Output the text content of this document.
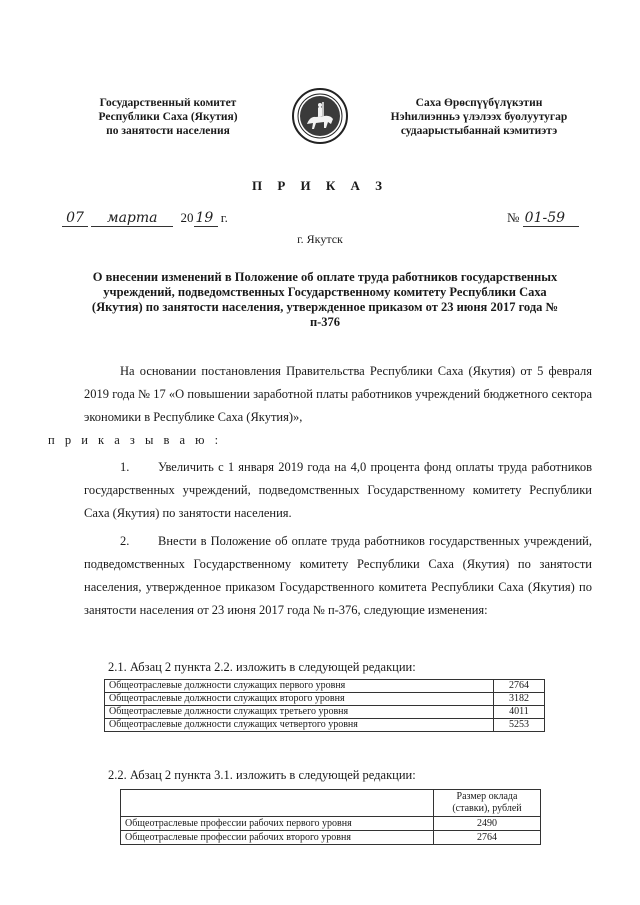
Государственный комитет
Республики Саха (Якутия)
по занятости населения
Саха Өрөспүүбүлүкэтин
Нэһилиэнньэ үлэлээх буолуутугар
судаарыстыбаннай кэмитиэтэ
П Р И К А З
07 марта 20 19 г.	№ 01-59
г. Якутск
О внесении изменений в Положение об оплате труда работников государственных учреждений, подведомственных Государственному комитету Республики Саха (Якутия) по занятости населения, утвержденное приказом от 23 июня 2017 года № п-376
На основании постановления Правительства Республики Саха (Якутия) от 5 февраля 2019 года № 17 «О повышении заработной платы работников учреждений бюджетного сектора экономики в Республике Саха (Якутия)»,
п р и к а з ы в а ю :
1. Увеличить с 1 января 2019 года на 4,0 процента фонд оплаты труда работников государственных учреждений, подведомственных Государственному комитету Республики Саха (Якутия) по занятости населения.
2. Внести в Положение об оплате труда работников государственных учреждений, подведомственных Государственному комитету Республики Саха (Якутия) по занятости населения, утвержденное приказом Государственного комитета Республики Саха (Якутия) по занятости населения от 23 июня 2017 года № п-376, следующие изменения:
2.1. Абзац 2 пункта 2.2. изложить в следующей редакции:
Общеотраслевые должности служащих первого уровня	2764
Общеотраслевые должности служащих второго уровня	3182
Общеотраслевые должности служащих третьего уровня	4011
Общеотраслевые должности служащих четвертого уровня	5253
2.2. Абзац 2 пункта 3.1. изложить в следующей редакции:
	Размер оклада (ставки), рублей
Общеотраслевые профессии рабочих первого уровня	2490
Общеотраслевые профессии рабочих второго уровня	2764
